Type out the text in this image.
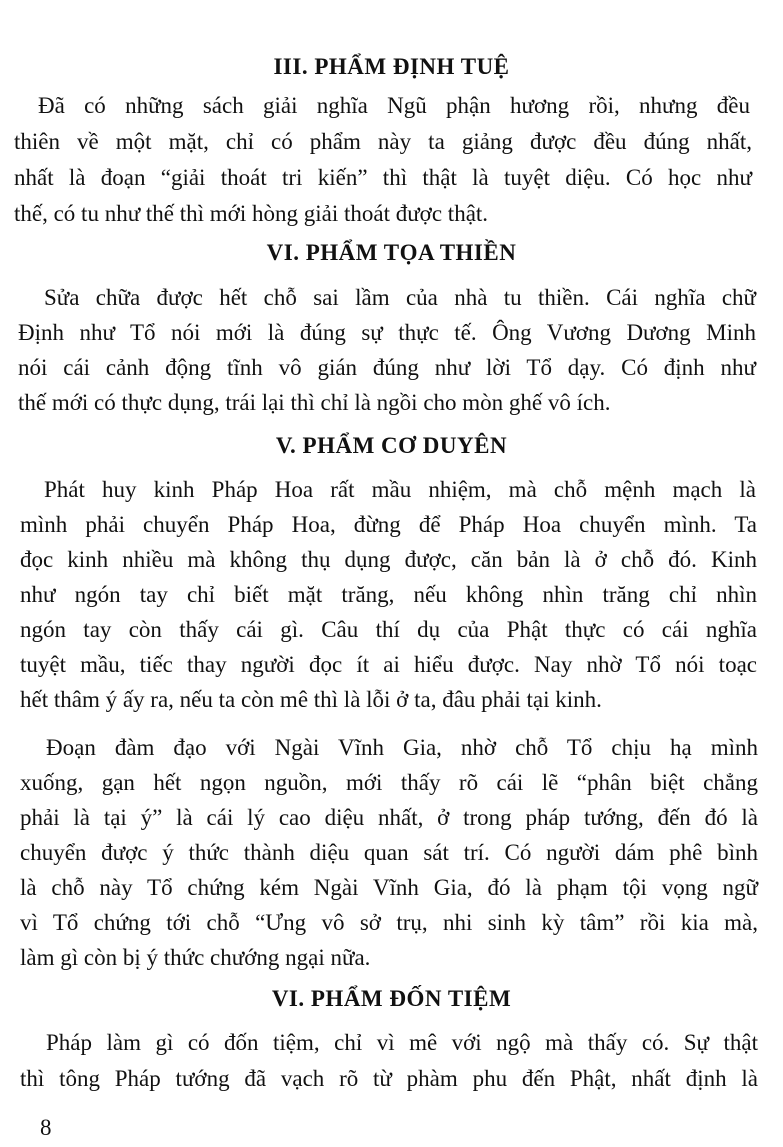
III. PHẨM ĐỊNH TUỆ
Đã có những sách giải nghĩa Ngũ phận hương rồi, nhưng đều
thiên về một mặt, chỉ có phẩm này ta giảng được đều đúng nhất,
nhất là đoạn “giải thoát tri kiến” thì thật là tuyệt diệu. Có học như
thế, có tu như thế thì mới hòng giải thoát được thật.
VI. PHẨM TỌA THIỀN
Sửa chữa được hết chỗ sai lầm của nhà tu thiền. Cái nghĩa chữ
Định như Tổ nói mới là đúng sự thực tế. Ông Vương Dương Minh
nói cái cảnh động tĩnh vô gián đúng như lời Tổ dạy. Có định như
thế mới có thực dụng, trái lại thì chỉ là ngồi cho mòn ghế vô ích.
V. PHẨM CƠ DUYÊN
Phát huy kinh Pháp Hoa rất mầu nhiệm, mà chỗ mệnh mạch là
mình phải chuyển Pháp Hoa, đừng để Pháp Hoa chuyển mình. Ta
đọc kinh nhiều mà không thụ dụng được, căn bản là ở chỗ đó. Kinh
như ngón tay chỉ biết mặt trăng, nếu không nhìn trăng chỉ nhìn
ngón tay còn thấy cái gì. Câu thí dụ của Phật thực có cái nghĩa
tuyệt mầu, tiếc thay người đọc ít ai hiểu được. Nay nhờ Tổ nói toạc
hết thâm ý ấy ra, nếu ta còn mê thì là lỗi ở ta, đâu phải tại kinh.
Đoạn đàm đạo với Ngài Vĩnh Gia, nhờ chỗ Tổ chịu hạ mình
xuống, gạn hết ngọn nguồn, mới thấy rõ cái lẽ “phân biệt chẳng
phải là tại ý” là cái lý cao diệu nhất, ở trong pháp tướng, đến đó là
chuyển được ý thức thành diệu quan sát trí. Có người dám phê bình
là chỗ này Tổ chứng kém Ngài Vĩnh Gia, đó là phạm tội vọng ngữ
vì Tổ chứng tới chỗ “Ưng vô sở trụ, nhi sinh kỳ tâm” rồi kia mà,
làm gì còn bị ý thức chướng ngại nữa.
VI. PHẨM ĐỐN TIỆM
Pháp làm gì có đốn tiệm, chỉ vì mê với ngộ mà thấy có. Sự thật
thì tông Pháp tướng đã vạch rõ từ phàm phu đến Phật, nhất định là
8
